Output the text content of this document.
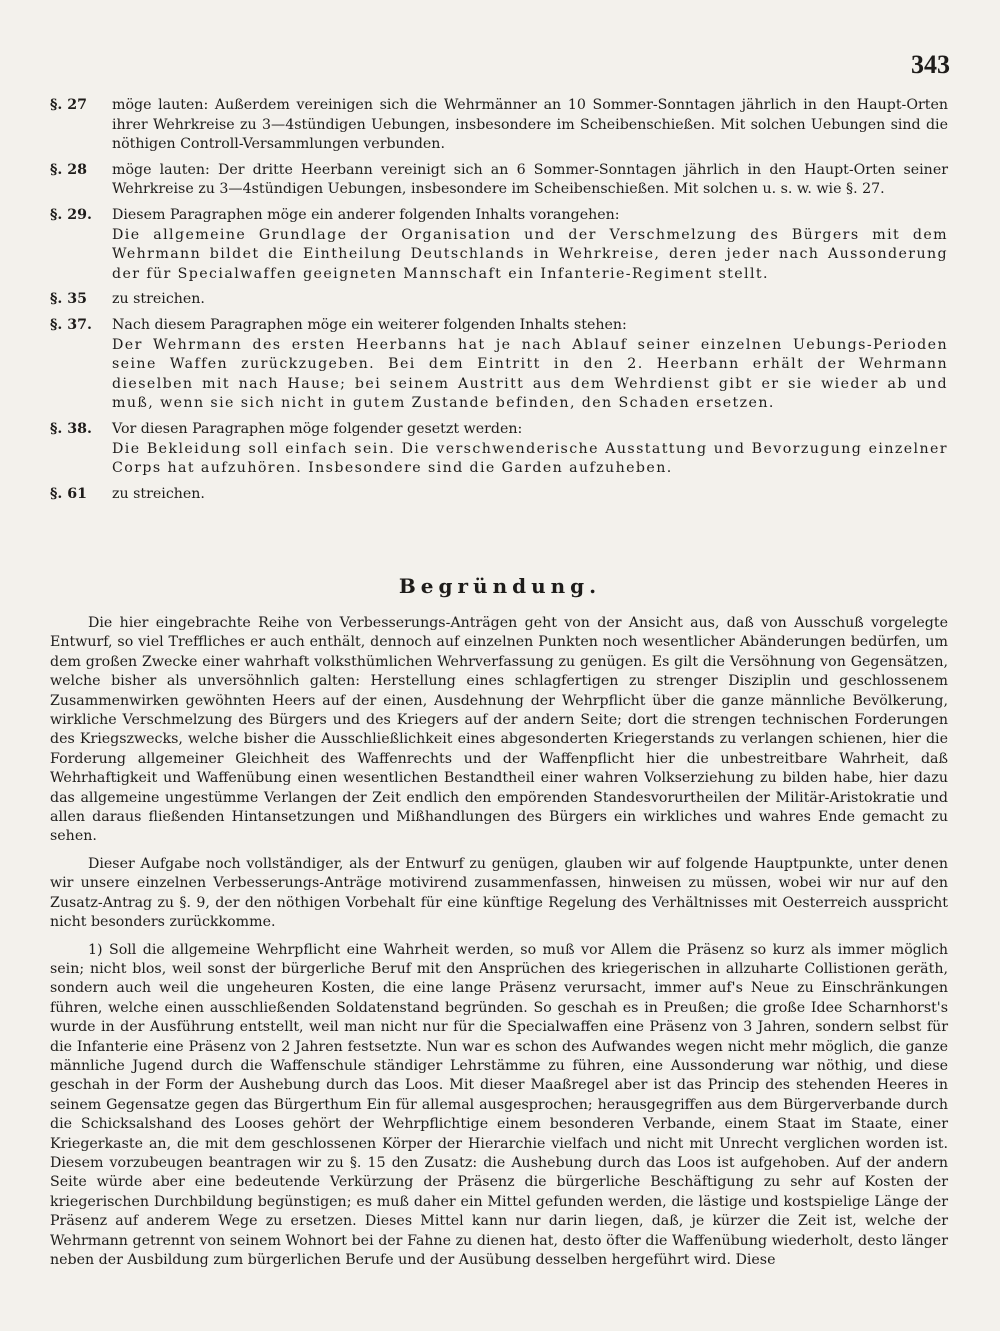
343
§. 27	möge lauten: Außerdem vereinigen sich die Wehrmänner an 10 Sommer-Sonntagen jährlich in den Haupt-Orten ihrer Wehrkreise zu 3—4stündigen Uebungen, insbesondere im Scheibenschießen. Mit solchen Uebungen sind die nöthigen Controll-Versammlungen verbunden.
§. 28	möge lauten: Der dritte Heerbann vereinigt sich an 6 Sommer-Sonntagen jährlich in den Haupt-Orten seiner Wehrkreise zu 3—4stündigen Uebungen, insbesondere im Scheibenschießen. Mit solchen u. s. w. wie §. 27.
§. 29.	Diesem Paragraphen möge ein anderer folgenden Inhalts vorangehen:
Die allgemeine Grundlage der Organisation und der Verschmelzung des Bürgers mit dem Wehrmann bildet die Eintheilung Deutschlands in Wehrkreise, deren jeder nach Aussonderung der für Specialwaffen geeigneten Mannschaft ein Infanterie-Regiment stellt.
§. 35	zu streichen.
§. 37.	Nach diesem Paragraphen möge ein weiterer folgenden Inhalts stehen:
Der Wehrmann des ersten Heerbanns hat je nach Ablauf seiner einzelnen Uebungs-Perioden seine Waffen zurückzugeben. Bei dem Eintritt in den 2. Heerbann erhält der Wehrmann dieselben mit nach Hause; bei seinem Austritt aus dem Wehrdienst gibt er sie wieder ab und muß, wenn sie sich nicht in gutem Zustande befinden, den Schaden ersetzen.
§. 38.	Vor diesen Paragraphen möge folgender gesetzt werden:
Die Bekleidung soll einfach sein. Die verschwenderische Ausstattung und Bevorzugung einzelner Corps hat aufzuhören. Insbesondere sind die Garden aufzuheben.
§. 61	zu streichen.
Begründung.

Die hier eingebrachte Reihe von Verbesserungs-Anträgen geht von der Ansicht aus, daß von Ausschuß vorgelegte Entwurf, so viel Treffliches er auch enthält, dennoch auf einzelnen Punkten noch wesentlicher Abänderungen bedürfen, um dem großen Zwecke einer wahrhaft volksthümlichen Wehrverfassung zu genügen. Es gilt die Versöhnung von Gegensätzen, welche bisher als unversöhnlich galten: Herstellung eines schlagfertigen zu strenger Disziplin und geschlossenem Zusammenwirken gewöhnten Heers auf der einen, Ausdehnung der Wehrpflicht über die ganze männliche Bevölkerung, wirkliche Verschmelzung des Bürgers und des Kriegers auf der andern Seite; dort die strengen technischen Forderungen des Kriegszwecks, welche bisher die Ausschließlichkeit eines abgesonderten Kriegerstands zu verlangen schienen, hier die Forderung allgemeiner Gleichheit des Waffenrechts und der Waffenpflicht hier die unbestreitbare Wahrheit, daß Wehrhaftigkeit und Waffenübung einen wesentlichen Bestandtheil einer wahren Volkserziehung zu bilden habe, hier dazu das allgemeine ungestümme Verlangen der Zeit endlich den empörenden Standesvorurtheilen der Militär-Aristokratie und allen daraus fließenden Hintansetzungen und Mißhandlungen des Bürgers ein wirkliches und wahres Ende gemacht zu sehen.

Dieser Aufgabe noch vollständiger, als der Entwurf zu genügen, glauben wir auf folgende Hauptpunkte, unter denen wir unsere einzelnen Verbesserungs-Anträge motivirend zusammenfassen, hinweisen zu müssen, wobei wir nur auf den Zusatz-Antrag zu §. 9, der den nöthigen Vorbehalt für eine künftige Regelung des Verhältnisses mit Oesterreich ausspricht nicht besonders zurückkomme.

1) Soll die allgemeine Wehrpflicht eine Wahrheit werden, so muß vor Allem die Präsenz so kurz als immer möglich sein; nicht blos, weil sonst der bürgerliche Beruf mit den Ansprüchen des kriegerischen in allzuharte Collistionen geräth, sondern auch weil die ungeheuren Kosten, die eine lange Präsenz verursacht, immer auf's Neue zu Einschränkungen führen, welche einen ausschließenden Soldatenstand begründen. So geschah es in Preußen; die große Idee Scharnhorst's wurde in der Ausführung entstellt, weil man nicht nur für die Specialwaffen eine Präsenz von 3 Jahren, sondern selbst für die Infanterie eine Präsenz von 2 Jahren festsetzte. Nun war es schon des Aufwandes wegen nicht mehr möglich, die ganze männliche Jugend durch die Waffenschule ständiger Lehrstämme zu führen, eine Aussonderung war nöthig, und diese geschah in der Form der Aushebung durch das Loos. Mit dieser Maaßregel aber ist das Princip des stehenden Heeres in seinem Gegensatze gegen das Bürgerthum Ein für allemal ausgesprochen; herausgegriffen aus dem Bürgerverbande durch die Schicksalshand des Looses gehört der Wehrpflichtige einem besonderen Verbande, einem Staat im Staate, einer Kriegerkaste an, die mit dem geschlossenen Körper der Hierarchie vielfach und nicht mit Unrecht verglichen worden ist. Diesem vorzubeugen beantragen wir zu §. 15 den Zusatz: die Aushebung durch das Loos ist aufgehoben. Auf der andern Seite würde aber eine bedeutende Verkürzung der Präsenz die bürgerliche Beschäftigung zu sehr auf Kosten der kriegerischen Durchbildung begünstigen; es muß daher ein Mittel gefunden werden, die lästige und kostspielige Länge der Präsenz auf anderem Wege zu ersetzen. Dieses Mittel kann nur darin liegen, daß, je kürzer die Zeit ist, welche der Wehrmann getrennt von seinem Wohnort bei der Fahne zu dienen hat, desto öfter die Waffenübung wiederholt, desto länger neben der Ausbildung zum bürgerlichen Berufe und der Ausübung desselben hergeführt wird. Diese
